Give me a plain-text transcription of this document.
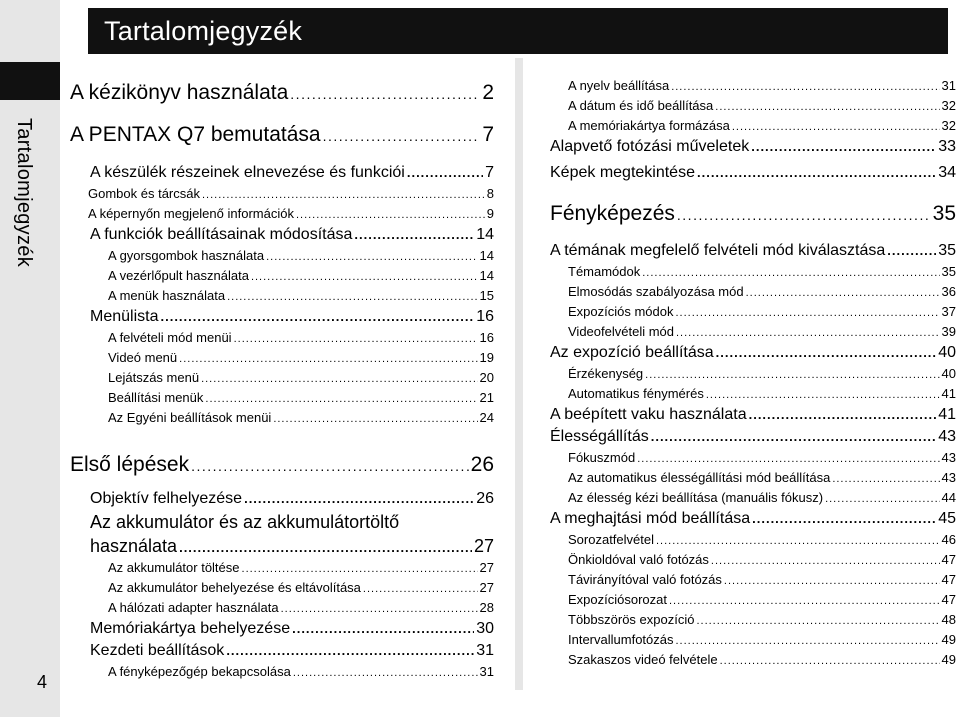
Tartalomjegyzék
4
Tartalomjegyzék
A kézikönyv használata .....	2
A PENTAX Q7 bemutatása .....	7
A készülék részeinek elnevezése és funkciói .....	7
Gombok és tárcsák .....	8
A képernyőn megjelenő információk .....	9
A funkciók beállításainak módosítása .....	14
A gyorsgombok használata .....	14
A vezérlőpult használata .....	14
A menük használata .....	15
Menülista .....	16
A felvételi mód menüi .....	16
Videó menü .....	19
Lejátszás menü .....	20
Beállítási menük .....	21
Az Egyéni beállítások menüi .....	24
Első lépések .....	26
Objektív felhelyezése .....	26
Az akkumulátor és az akkumulátortöltő
használata .....	27
Az akkumulátor töltése .....	27
Az akkumulátor behelyezése és eltávolítása .....	27
A hálózati adapter használata .....	28
Memóriakártya behelyezése .....	30
Kezdeti beállítások .....	31
A fényképezőgép bekapcsolása .....	31
A nyelv beállítása .....	31
A dátum és idő beállítása .....	32
A memóriakártya formázása .....	32
Alapvető fotózási műveletek .....	33
Képek megtekintése .....	34
Fényképezés .....	35
A témának megfelelő felvételi mód kiválasztása .....	35
Témamódok .....	35
Elmosódás szabályozása mód .....	36
Expozíciós módok .....	37
Videofelvételi mód .....	39
Az expozíció beállítása .....	40
Érzékenység .....	40
Automatikus fénymérés .....	41
A beépített vaku használata .....	41
Élességállítás .....	43
Fókuszmód .....	43
Az automatikus élességállítási mód beállítása .....	43
Az élesség kézi beállítása (manuális fókusz) .....	44
A meghajtási mód beállítása .....	45
Sorozatfelvétel .....	46
Önkioldóval való fotózás .....	47
Távirányítóval való fotózás .....	47
Expozíciósorozat .....	47
Többszörös expozíció .....	48
Intervallumfotózás .....	49
Szakaszos videó felvétele .....	49
